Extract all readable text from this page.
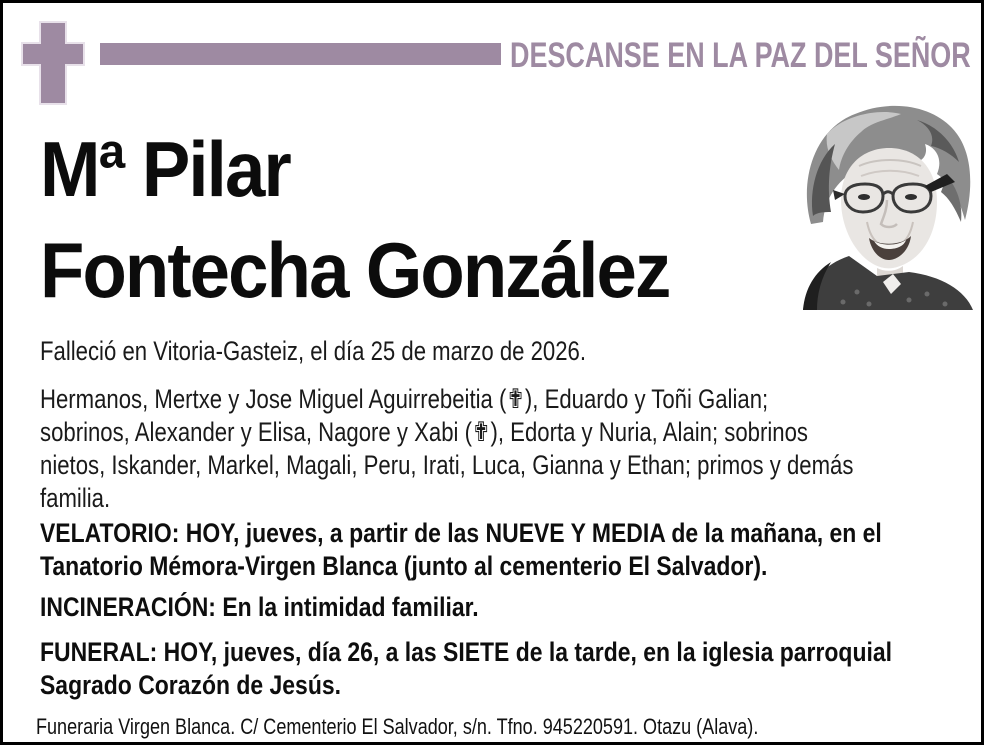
DESCANSE EN LA PAZ DEL SEÑOR
Mª Pilar
Fontecha González
Falleció en Vitoria-Gasteiz, el día 25 de marzo de 2026.
Hermanos, Mertxe y Jose Miguel Aguirrebeitia (✟), Eduardo y Toñi Galian;
sobrinos, Alexander y Elisa, Nagore y Xabi (✟), Edorta y Nuria, Alain; sobrinos
nietos, Iskander, Markel, Magali, Peru, Irati, Luca, Gianna y Ethan; primos y demás
familia.
VELATORIO: HOY, jueves, a partir de las NUEVE Y MEDIA de la mañana, en el
Tanatorio Mémora-Virgen Blanca (junto al cementerio El Salvador).
INCINERACIÓN: En la intimidad familiar.
FUNERAL: HOY, jueves, día 26, a las SIETE de la tarde, en la iglesia parroquial
Sagrado Corazón de Jesús.
Funeraria Virgen Blanca. C/ Cementerio El Salvador, s/n. Tfno. 945220591. Otazu (Alava).
